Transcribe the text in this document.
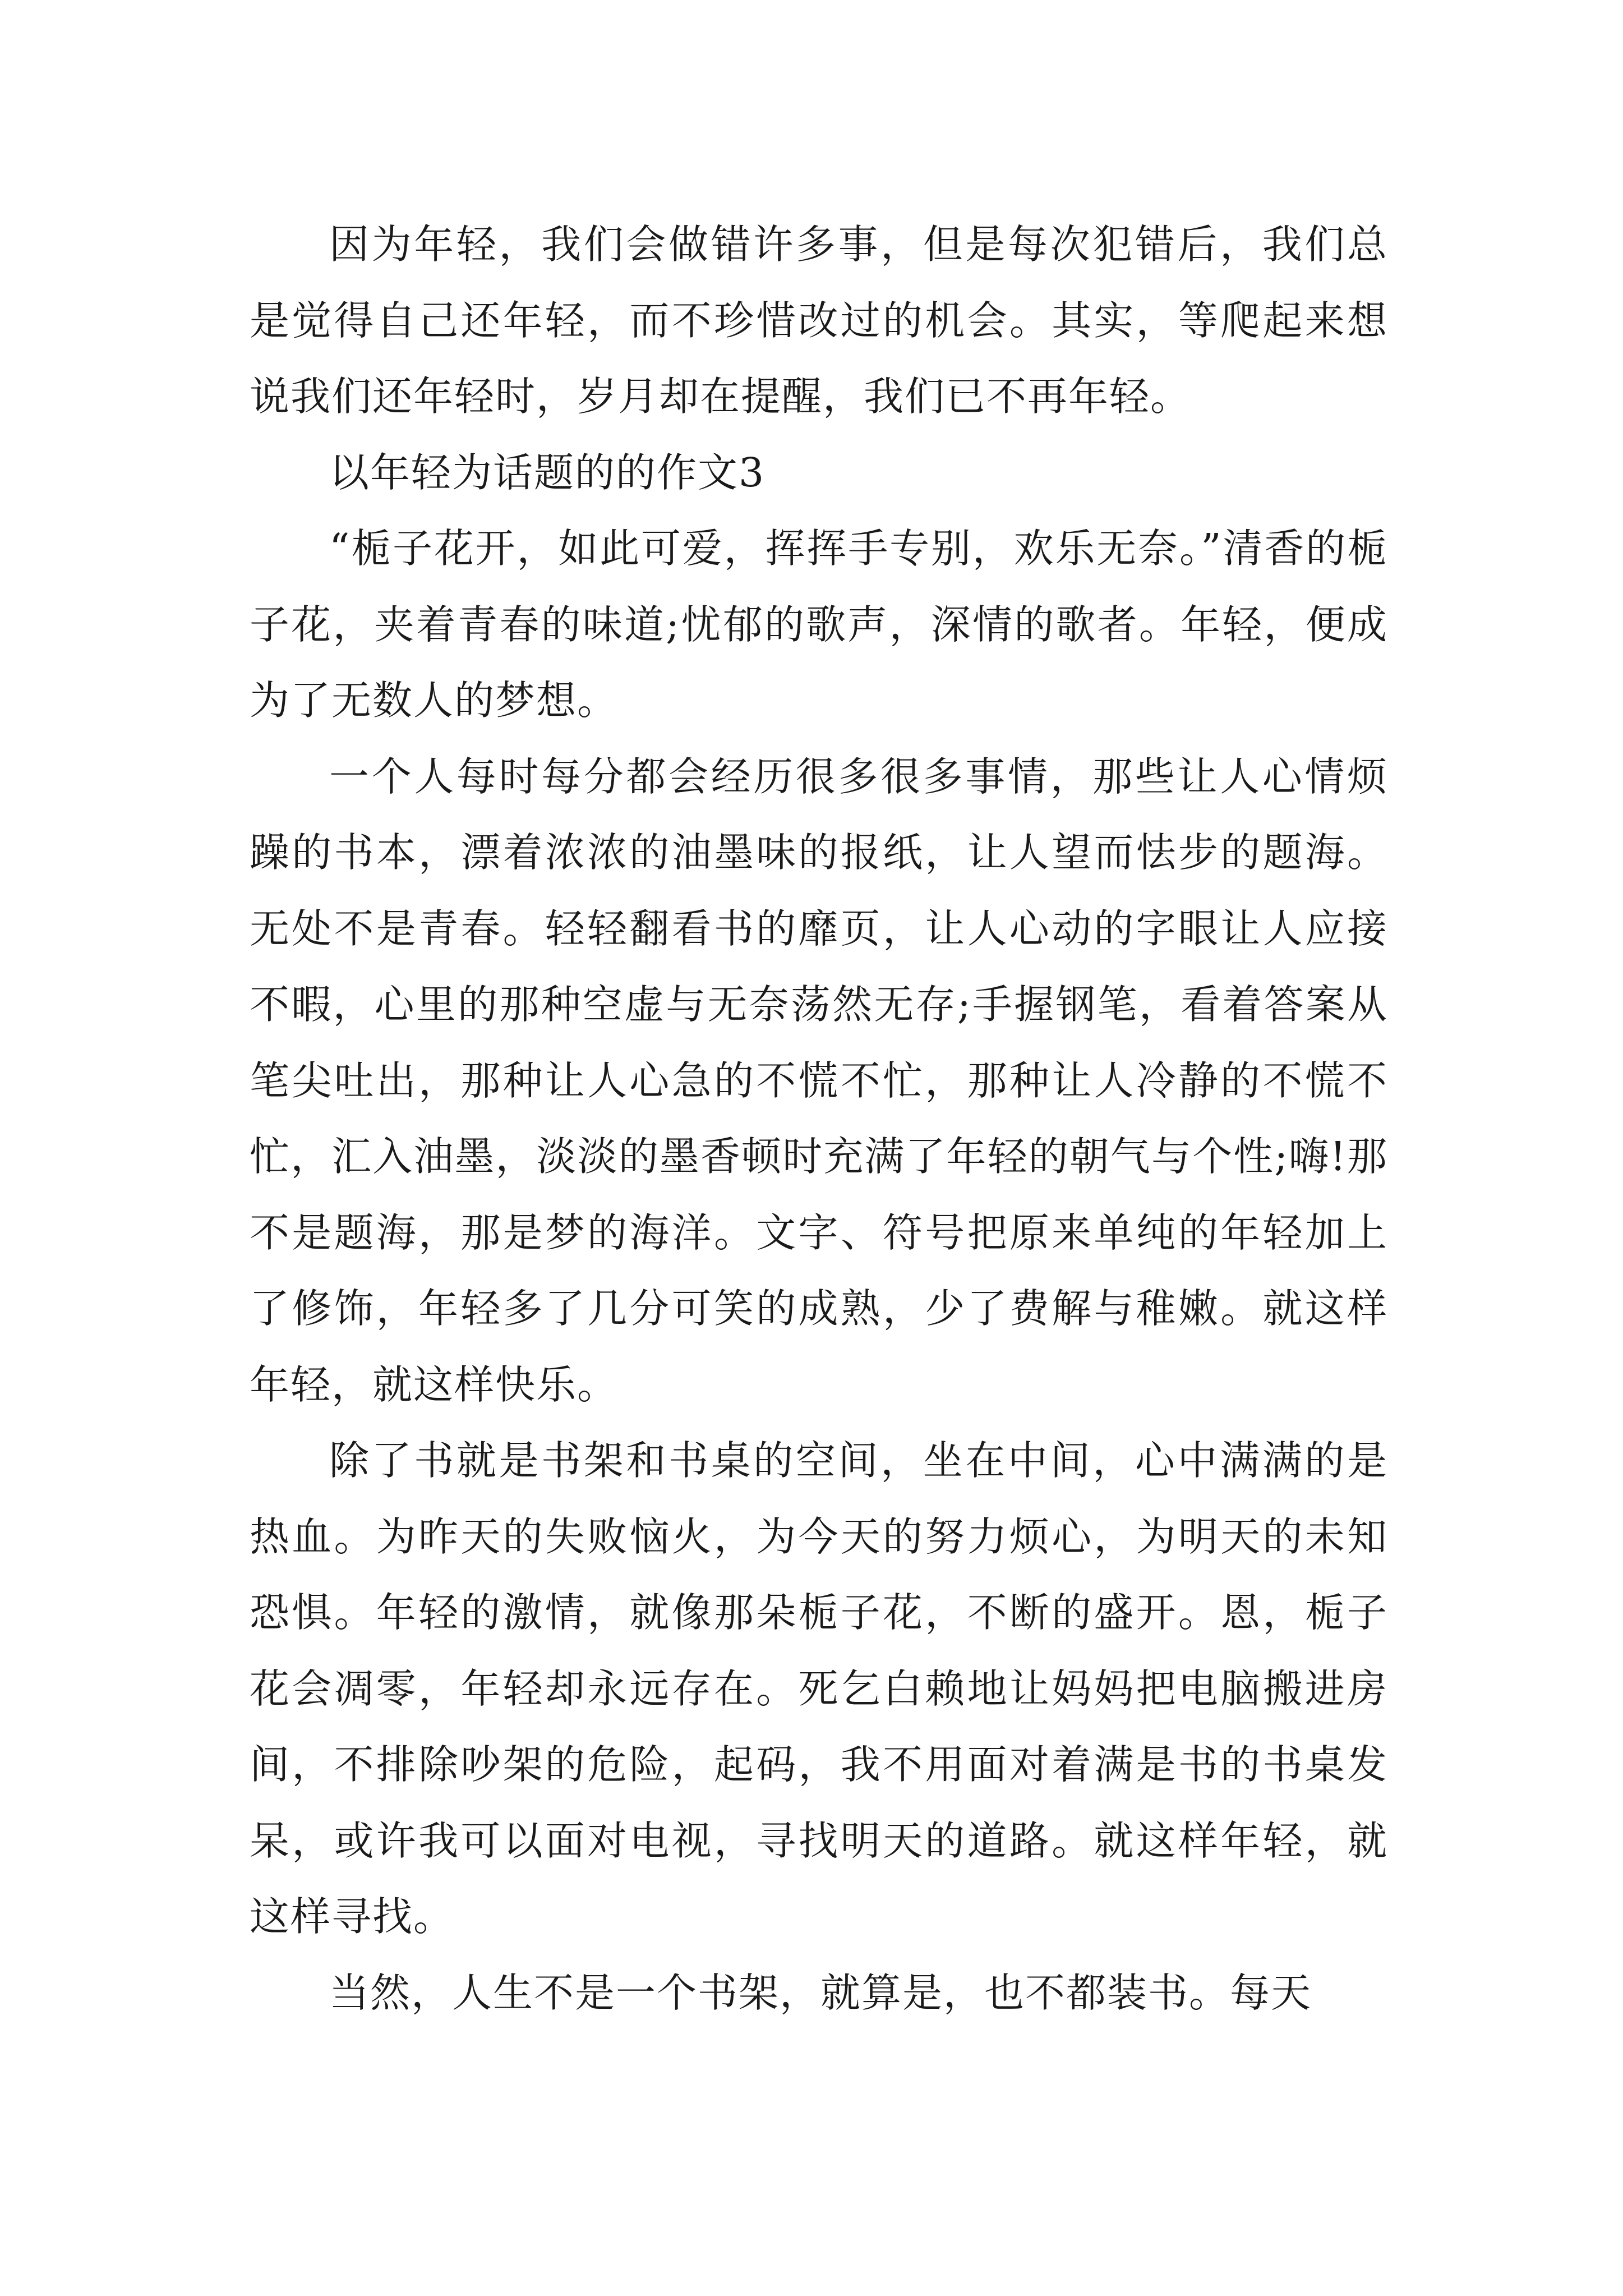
因为年轻，我们会做错许多事，但是每次犯错后，我们总是觉得自己还年轻，而不珍惜改过的机会。其实，等爬起来想说我们还年轻时，岁月却在提醒，我们已不再年轻。

以年轻为话题的的作文3

“栀子花开，如此可爱，挥挥手专别，欢乐无奈。”清香的栀子花，夹着青春的味道;忧郁的歌声，深情的歌者。年轻，便成为了无数人的梦想。

一个人每时每分都会经历很多很多事情，那些让人心情烦躁的书本，漂着浓浓的油墨味的报纸，让人望而怯步的题海。无处不是青春。轻轻翻看书的靡页，让人心动的字眼让人应接不暇，心里的那种空虚与无奈荡然无存;手握钢笔，看着答案从笔尖吐出，那种让人心急的不慌不忙，那种让人冷静的不慌不忙，汇入油墨，淡淡的墨香顿时充满了年轻的朝气与个性;嗨!那不是题海，那是梦的海洋。文字、符号把原来单纯的年轻加上了修饰，年轻多了几分可笑的成熟，少了费解与稚嫩。就这样年轻，就这样快乐。

除了书就是书架和书桌的空间，坐在中间，心中满满的是热血。为昨天的失败恼火，为今天的努力烦心，为明天的未知恐惧。年轻的激情，就像那朵栀子花，不断的盛开。恩，栀子花会凋零，年轻却永远存在。死乞白赖地让妈妈把电脑搬进房间，不排除吵架的危险，起码，我不用面对着满是书的书桌发呆，或许我可以面对电视，寻找明天的道路。就这样年轻，就这样寻找。

当然，人生不是一个书架，就算是，也不都装书。每天
